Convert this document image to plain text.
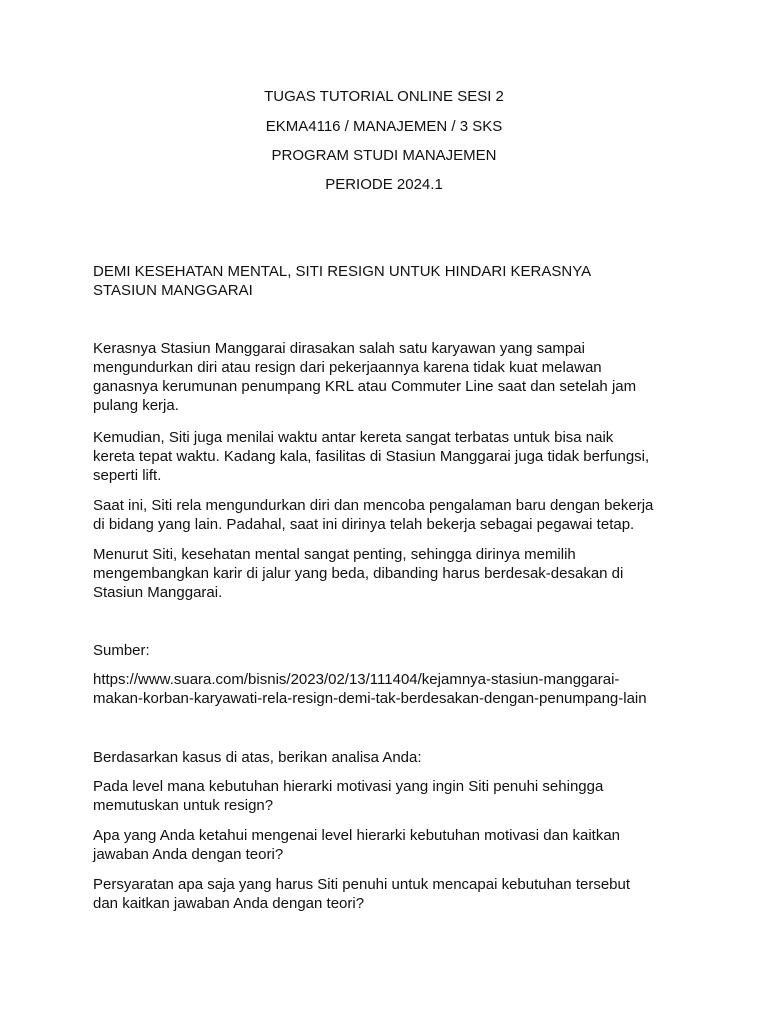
TUGAS TUTORIAL ONLINE SESI 2
EKMA4116 / MANAJEMEN / 3 SKS
PROGRAM STUDI MANAJEMEN
PERIODE 2024.1

DEMI KESEHATAN MENTAL, SITI RESIGN UNTUK HINDARI KERASNYA
STASIUN MANGGARAI

Kerasnya Stasiun Manggarai dirasakan salah satu karyawan yang sampai
mengundurkan diri atau resign dari pekerjaannya karena tidak kuat melawan
ganasnya kerumunan penumpang KRL atau Commuter Line saat dan setelah jam
pulang kerja.

Kemudian, Siti juga menilai waktu antar kereta sangat terbatas untuk bisa naik
kereta tepat waktu. Kadang kala, fasilitas di Stasiun Manggarai juga tidak berfungsi,
seperti lift.

Saat ini, Siti rela mengundurkan diri dan mencoba pengalaman baru dengan bekerja
di bidang yang lain. Padahal, saat ini dirinya telah bekerja sebagai pegawai tetap.

Menurut Siti, kesehatan mental sangat penting, sehingga dirinya memilih
mengembangkan karir di jalur yang beda, dibanding harus berdesak-desakan di
Stasiun Manggarai.

Sumber:

https://www.suara.com/bisnis/2023/02/13/111404/kejamnya-stasiun-manggarai-
makan-korban-karyawati-rela-resign-demi-tak-berdesakan-dengan-penumpang-lain

Berdasarkan kasus di atas, berikan analisa Anda:

Pada level mana kebutuhan hierarki motivasi yang ingin Siti penuhi sehingga
memutuskan untuk resign?

Apa yang Anda ketahui mengenai level hierarki kebutuhan motivasi dan kaitkan
jawaban Anda dengan teori?

Persyaratan apa saja yang harus Siti penuhi untuk mencapai kebutuhan tersebut
dan kaitkan jawaban Anda dengan teori?
